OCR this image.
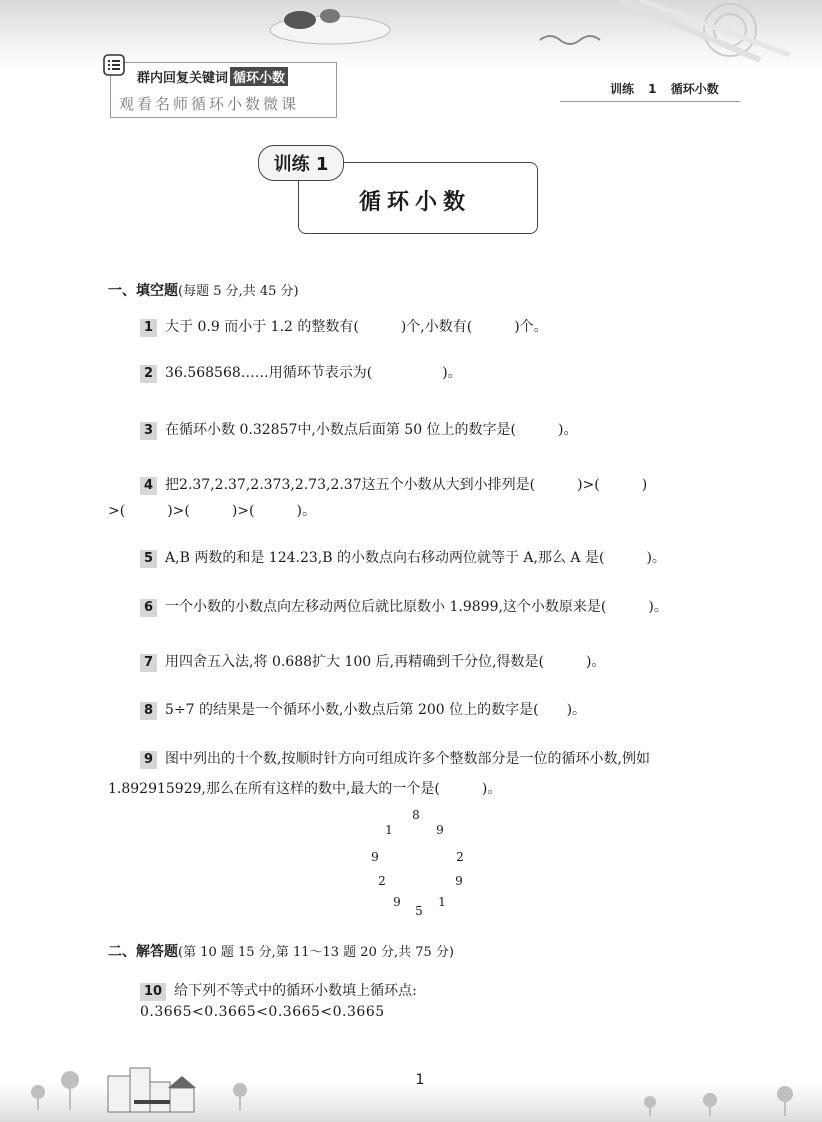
群内回复关键词 循环小数
观看名师循环小数微课
训练 1 循环小数
训练 1
循环小数
一、填空题(每题 5 分,共 45 分)
1 大于 0.9 而小于 1.2 的整数有(　　　)个,小数有(　　　)个。
2 36.568568……用循环节表示为(　　　　　)。
3 在循环小数 0.32857中,小数点后面第 50 位上的数字是(　　　)。
4 把2.37,2.37,2.373,2.73,2.37这五个小数从大到小排列是(　　　)>(　　　)
>(　　　)>(　　　)>(　　　)。
5 A,B 两数的和是 124.23,B 的小数点向右移动两位就等于 A,那么 A 是(　　　)。
6 一个小数的小数点向左移动两位后就比原数小 1.9899,这个小数原来是(　　　)。
7 用四舍五入法,将 0.688扩大 100 后,再精确到千分位,得数是(　　　)。
8 5÷7 的结果是一个循环小数,小数点后第 200 位上的数字是(　　)。
9 图中列出的十个数,按顺时针方向可组成许多个整数部分是一位的循环小数,例如
1.892915929,那么在所有这样的数中,最大的一个是(　　　)。
8
9
2
9
1
5
9
2
9
1
二、解答题(第 10 题 15 分,第 11～13 题 20 分,共 75 分)
10 给下列不等式中的循环小数填上循环点:
0.3665<0.3665<0.3665<0.3665
1
